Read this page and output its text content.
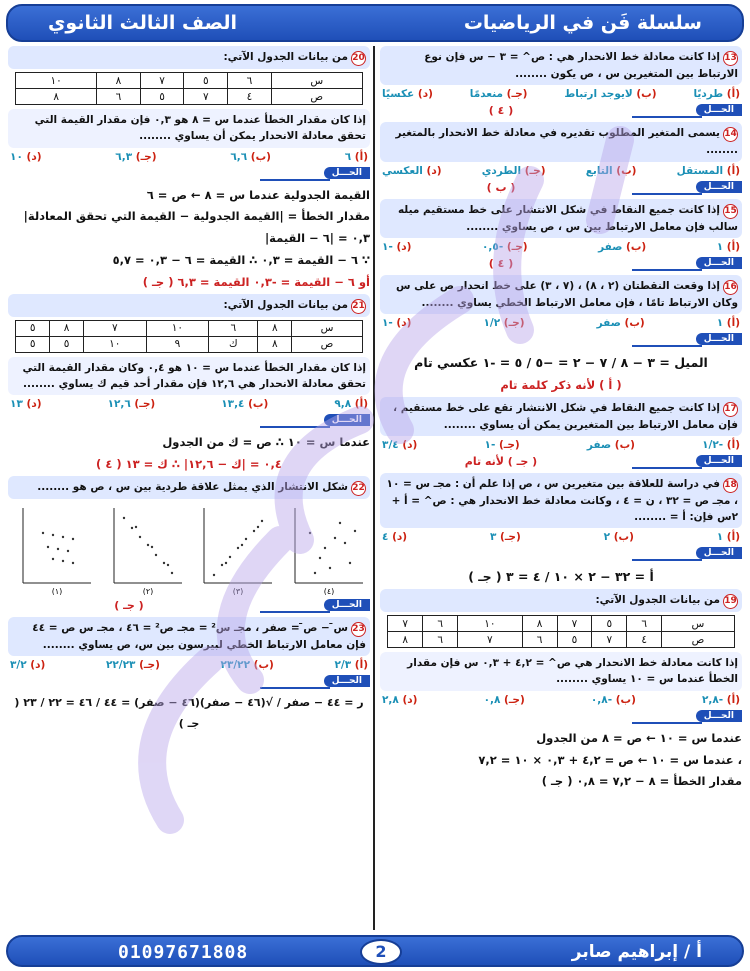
سلسلة فَن في الرياضيات
الصف الثالث الثانوي
13إذا كانت معادلة خط الانحدار هي : ص^ = ٣ − س فإن نوع الارتباط بين المتغيرين س ، ص يكون ........
(أ) طرديًا
(ب) لايوجد ارتباط
(جـ) منعدمًا
(د) عكسيًا
الحـــل
( ٤ )
14يسمى المتغير المطلوب تقديره في معادلة خط الانحدار بالمتغير ........
(أ) المستقل
(ب) التابع
(جـ) الطردي
(د) العكسي
الحـــل
( ب )
15إذا كانت جميع النقاط في شكل الانتشار على خط مستقيم ميله سالب فإن معامل الارتباط بين س ، ص يساوي ........
(أ) ١
(ب) صفر
(جـ) -٠,٥
(د) -١
الحـــل
( ٤ )
16إذا وقعت النقطتان (٢ ، ٨) ، (٧ ، ٣) على خط انحدار ص على س وكان الارتباط تامًا ، فإن معامل الارتباط الخطي يساوي ........
(أ) ١
(ب) صفر
(جـ) ١/٢
(د) -١
الحـــل
الميل = ٣ − ٨ / ٧ − ٢ = −٥ / ٥ = -١ عكسي تام
( أ ) لأنه ذكر كلمة تام
17إذا كانت جميع النقاط في شكل الانتشار تقع على خط مستقيم ، فإن معامل الارتباط بين المتغيرين يمكن أن يساوي ........
(أ) -١/٢
(ب) صفر
(جـ) -١
(د) ٣/٤
الحـــل
( جـ ) لأنه تام
18في دراسة للعلاقة بين متغيرين س ، ص إذا علم أن : مجـ س = ١٠ ، مجـ ص = ٣٢ ، ن = ٤ ، وكانت معادلة خط الانحدار هي : ص^ = أ + ٢س فإن: أ = ........
(أ) ١
(ب) ٢
(جـ) ٣
(د) ٤
الحـــل
أ = ٣٢ − ٢ × ١٠ / ٤ = ٣ ( جـ )
19من بيانات الجدول الآتي:
س	٦	٥	٧	٨	١٠	٦	٧
ص	٤	٧	٥	٦	٧	٦	٨
إذا كانت معادلة خط الانحدار هي ص^ = ٤,٢ + ٠,٣ س فإن مقدار الخطأ عندما س = ١٠ يساوي ........
(أ) -٢,٨
(ب) -٠,٨
(جـ) ٠,٨
(د) ٢,٨
الحـــل
عندما س = ١٠ ← ص = ٨ من الجدول
، عندما س = ١٠ ← ص = ٤,٢ + ٠,٣ × ١٠ = ٧,٢
مقدار الخطأ = ٨ − ٧,٢ = ٠,٨ ( جـ )
20من بيانات الجدول الآتي:
س	٦	٥	٧	٨	١٠
ص	٤	٧	٥	٦	٨
إذا كان مقدار الخطأ عندما س = ٨ هو ٠,٣ فإن مقدار القيمة التي تحقق معادلة الانحدار يمكن أن يساوي ........
(أ) ٦
(ب) ٦,٦
(جـ) ٦,٣
(د) ١٠
الحـــل
القيمة الجدولية عندما س = ٨ ← ص = ٦
مقدار الخطأ = |القيمة الجدولية − القيمة التي تحقق المعادلة|
٠,٣ = |٦ − القيمة|
∵ ٦ − القيمة = ٠,٣ ∴ القيمة = ٦ − ٠,٣ = ٥,٧
أو ٦ − القيمة = -٠,٣ القيمة = ٦,٣ ( جـ )
21من بيانات الجدول الآتي:
س	٨	٦	١٠	٧	٨	٥
ص	٨	ك	٩	١٠	٥	٥
إذا كان مقدار الخطأ عندما س = ١٠ هو ٠,٤ وكان مقدار القيمة التي تحقق معادلة الانحدار هي ١٢,٦ فإن مقدار أحد قيم ك يساوي ........
(أ) ٩,٨
(ب) ١٣,٤
(جـ) ١٢,٦
(د) ١٣
الحـــل
عندما س = ١٠ ∴ ص = ك من الجدول
٠,٤ = |ك − ١٢,٦| ∴ ك = ١٣ ( ٤ )
22شكل الانتشار الذي يمثل علاقة طردية بين س ، ص هو ........
(٤)
(٣)
(٢)
(١)
الحـــل
( جـ )
23س̄ − ص̄ = صفر ، مجـ س² = مجـ ص² = ٤٦ ، مجـ س ص = ٤٤ فإن معامل الارتباط الخطي لبيرسون بين س، ص يساوي ........
(أ) ٢/٣
(ب) ٢٣/٢٢
(جـ) ٢٢/٢٣
(د) ٣/٢
الحـــل
ر = ٤٤ − صفر / √(٤٦ − صفر)(٤٦ − صفر) = ٤٤ / ٤٦ = ٢٢ / ٢٣ ( جـ )
أ / إبراهيم صابر
2
01097671808
